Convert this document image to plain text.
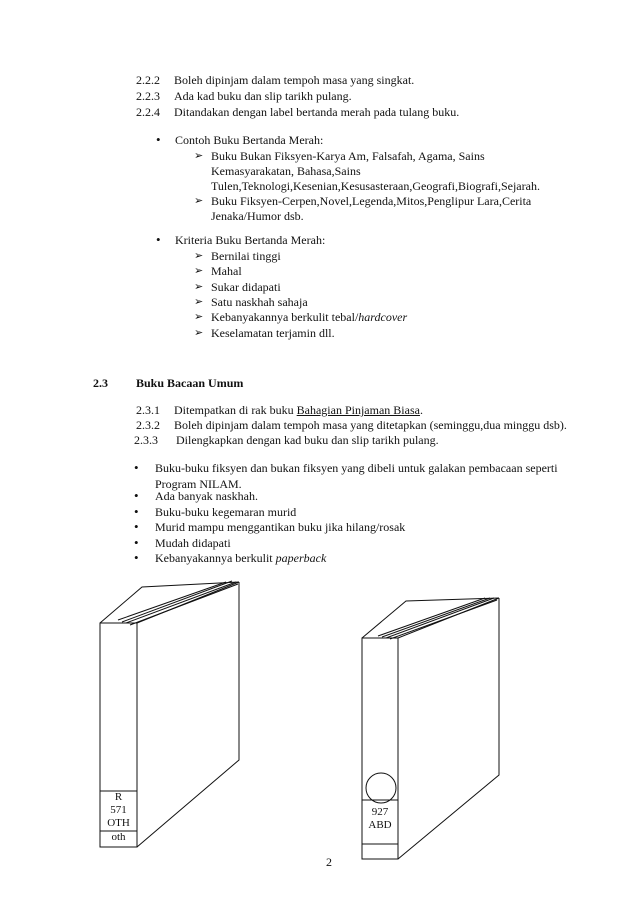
2.2.2 Boleh dipinjam dalam tempoh masa yang singkat.
2.2.3 Ada kad buku dan slip tarikh pulang.
2.2.4 Ditandakan dengan label bertanda merah pada tulang buku.
• Contoh Buku Bertanda Merah:
➢ Buku Bukan Fiksyen-Karya Am, Falsafah, Agama, Sains
Kemasyarakatan, Bahasa,Sains
Tulen,Teknologi,Kesenian,Kesusasteraan,Geografi,Biografi,Sejarah.
➢ Buku Fiksyen-Cerpen,Novel,Legenda,Mitos,Penglipur Lara,Cerita
Jenaka/Humor dsb.
• Kriteria Buku Bertanda Merah:
➢ Bernilai tinggi
➢ Mahal
➢ Sukar didapati
➢ Satu naskhah sahaja
➢ Kebanyakannya berkulit tebal/hardcover
➢ Keselamatan terjamin dll.
2.3 Buku Bacaan Umum
2.3.1 Ditempatkan di rak buku Bahagian Pinjaman Biasa.
2.3.2 Boleh dipinjam dalam tempoh masa yang ditetapkan (seminggu,dua minggu dsb).
2.3.3 Dilengkapkan dengan kad buku dan slip tarikh pulang.
• Buku-buku fiksyen dan bukan fiksyen yang dibeli untuk galakan pembacaan seperti
Program NILAM.
• Ada banyak naskhah.
• Buku-buku kegemaran murid
• Murid mampu menggantikan buku jika hilang/rosak
• Mudah didapati
• Kebanyakannya berkulit paperback
R
571
OTH
oth
927
ABD
2
